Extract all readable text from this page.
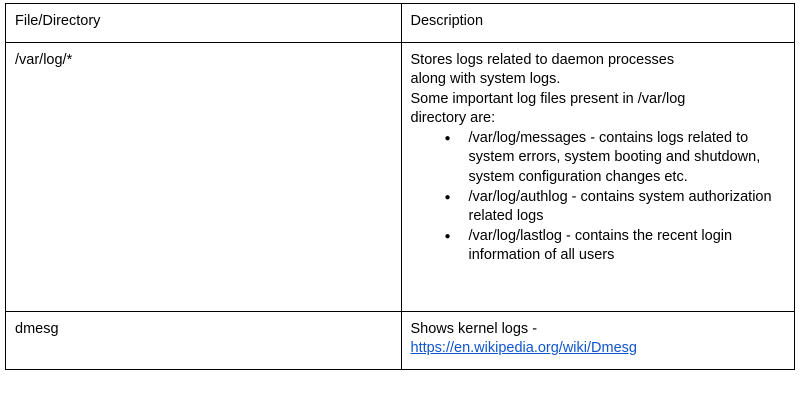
File/Directory	Description

/var/log/*	Stores logs related to daemon processes
along with system logs.
Some important log files present in /var/log
directory are:
● /var/log/messages - contains logs related to system errors, system booting and shutdown, system configuration changes etc.
● /var/log/authlog - contains system authorization related logs
● /var/log/lastlog - contains the recent login information of all users

dmesg	Shows kernel logs -
https://en.wikipedia.org/wiki/Dmesg
